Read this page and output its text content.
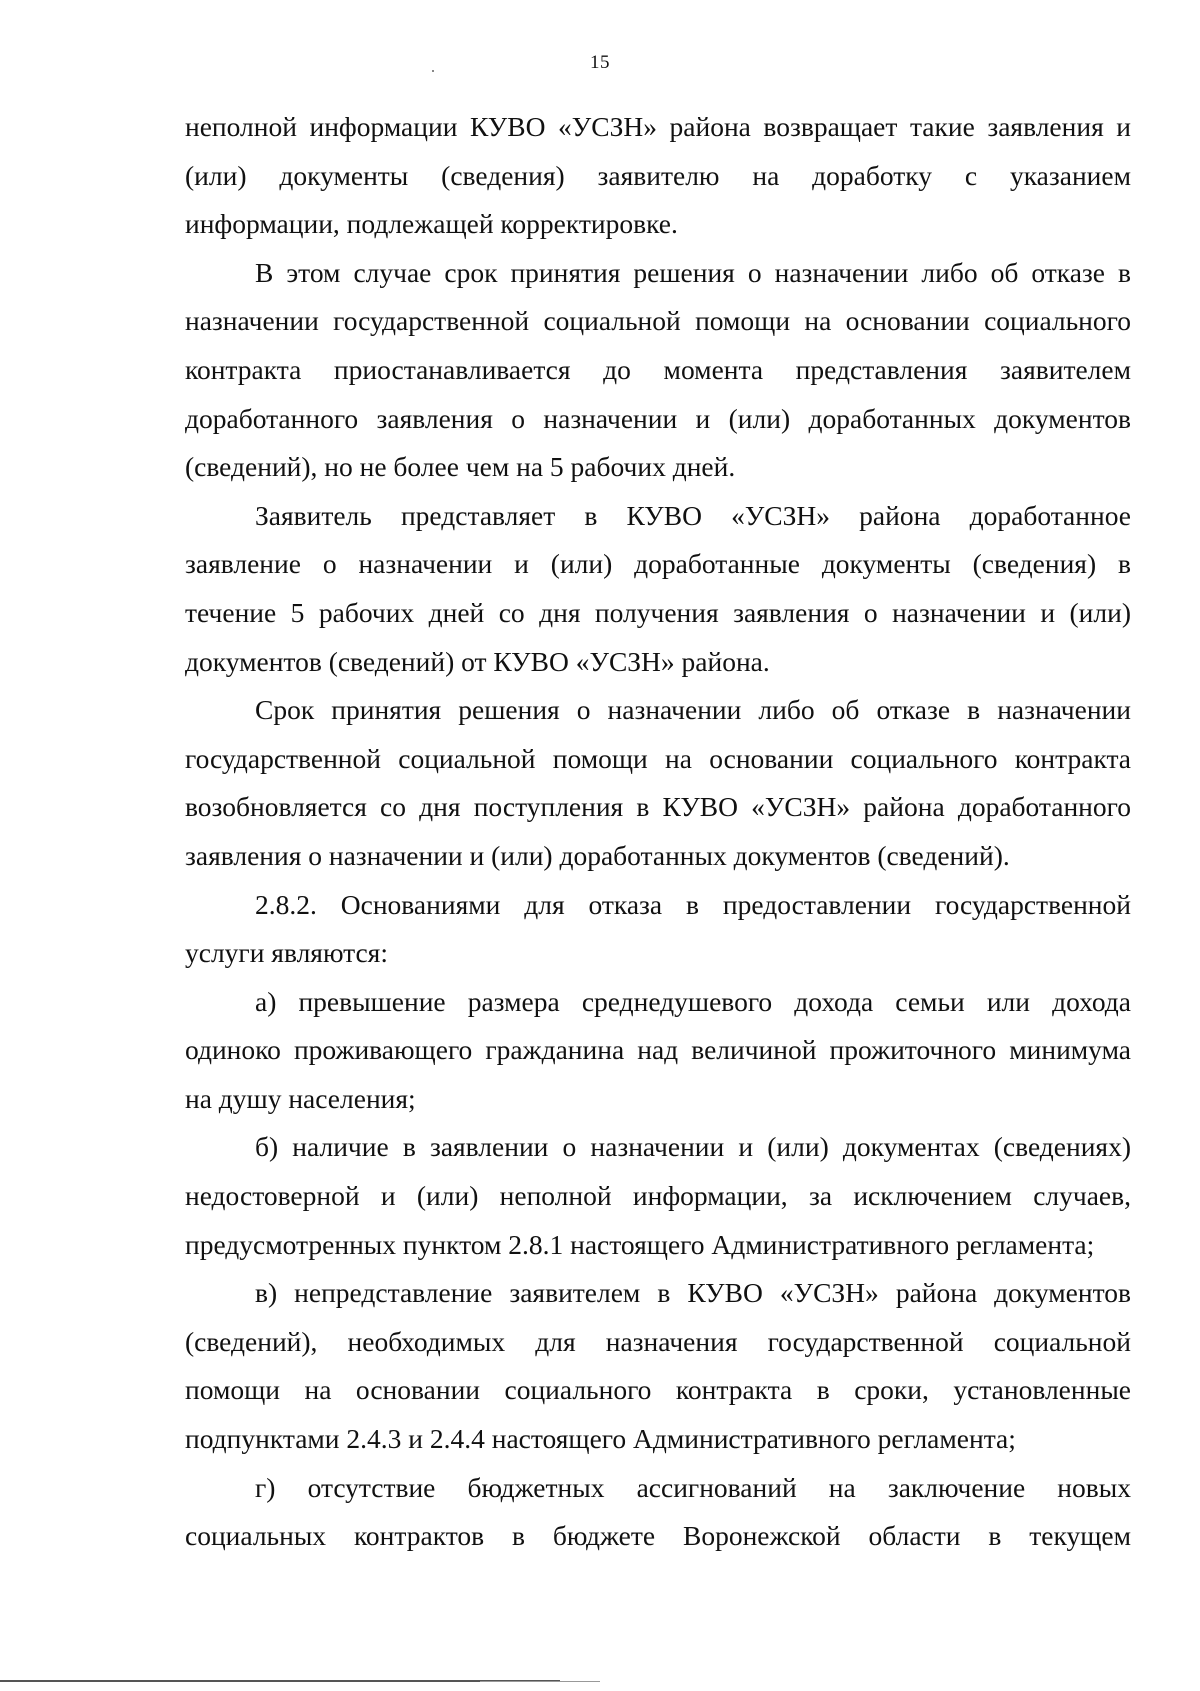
15
неполной информации КУВО «УСЗН» района возвращает такие заявления и
(или) документы (сведения) заявителю на доработку с указанием
информации, подлежащей корректировке.
В этом случае срок принятия решения о назначении либо об отказе в
назначении государственной социальной помощи на основании социального
контракта приостанавливается до момента представления заявителем
доработанного заявления о назначении и (или) доработанных документов
(сведений), но не более чем на 5 рабочих дней.
Заявитель представляет в КУВО «УСЗН» района доработанное
заявление о назначении и (или) доработанные документы (сведения) в
течение 5 рабочих дней со дня получения заявления о назначении и (или)
документов (сведений) от КУВО «УСЗН» района.
Срок принятия решения о назначении либо об отказе в назначении
государственной социальной помощи на основании социального контракта
возобновляется со дня поступления в КУВО «УСЗН» района доработанного
заявления о назначении и (или) доработанных документов (сведений).
2.8.2. Основаниями для отказа в предоставлении государственной
услуги являются:
а) превышение размера среднедушевого дохода семьи или дохода
одиноко проживающего гражданина над величиной прожиточного минимума
на душу населения;
б) наличие в заявлении о назначении и (или) документах (сведениях)
недостоверной и (или) неполной информации, за исключением случаев,
предусмотренных пунктом 2.8.1 настоящего Административного регламента;
в) непредставление заявителем в КУВО «УСЗН» района документов
(сведений), необходимых для назначения государственной социальной
помощи на основании социального контракта в сроки, установленные
подпунктами 2.4.3 и 2.4.4 настоящего Административного регламента;
г) отсутствие бюджетных ассигнований на заключение новых
социальных контрактов в бюджете Воронежской области в текущем
